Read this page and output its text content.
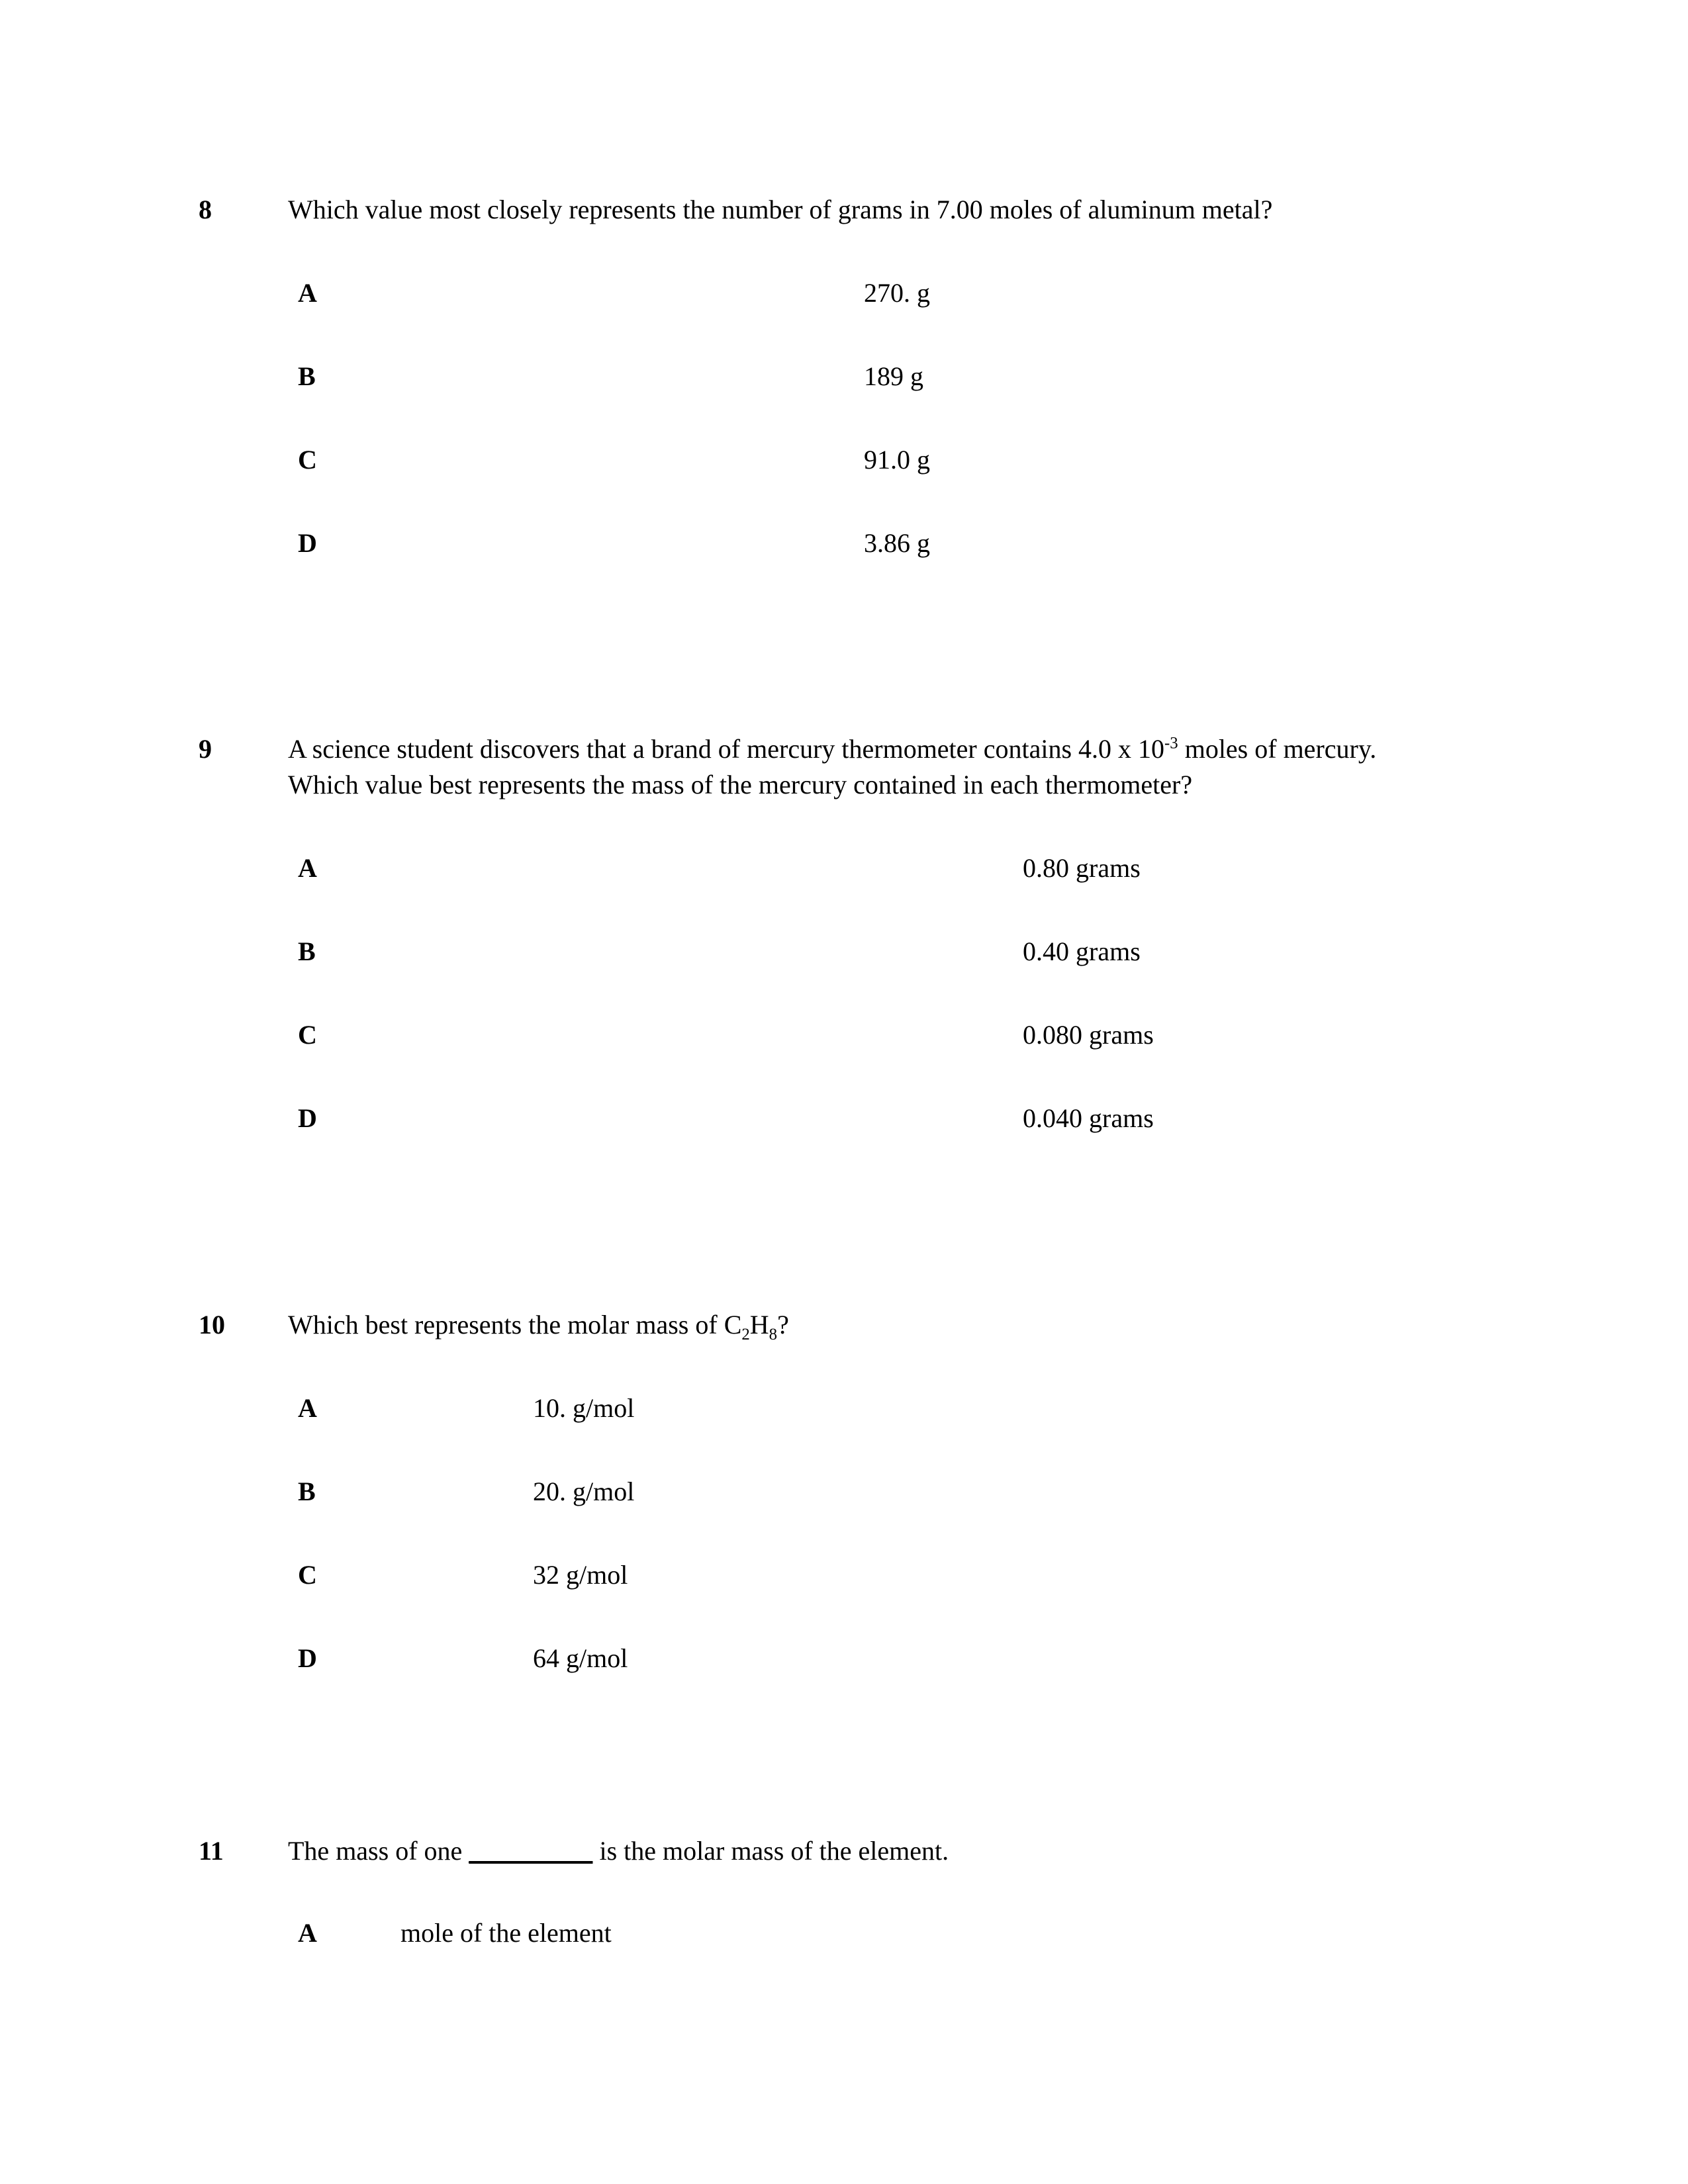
8	Which value most closely represents the number of grams in 7.00 moles of aluminum metal?
A	270. g
B	189 g
C	91.0 g
D	3.86 g
9	A science student discovers that a brand of mercury thermometer contains 4.0 x $10^{-3}$ moles of mercury. Which value best represents the mass of the mercury contained in each thermometer?
A	0.80 grams
B	0.40 grams
C	0.080 grams
D	0.040 grams
10	Which best represents the molar mass of $C_2H_8$?
A	10. g/mol
B	20. g/mol
C	32 g/mol
D	64 g/mol
11	The mass of one _________ is the molar mass of the element.
A	mole of the element
